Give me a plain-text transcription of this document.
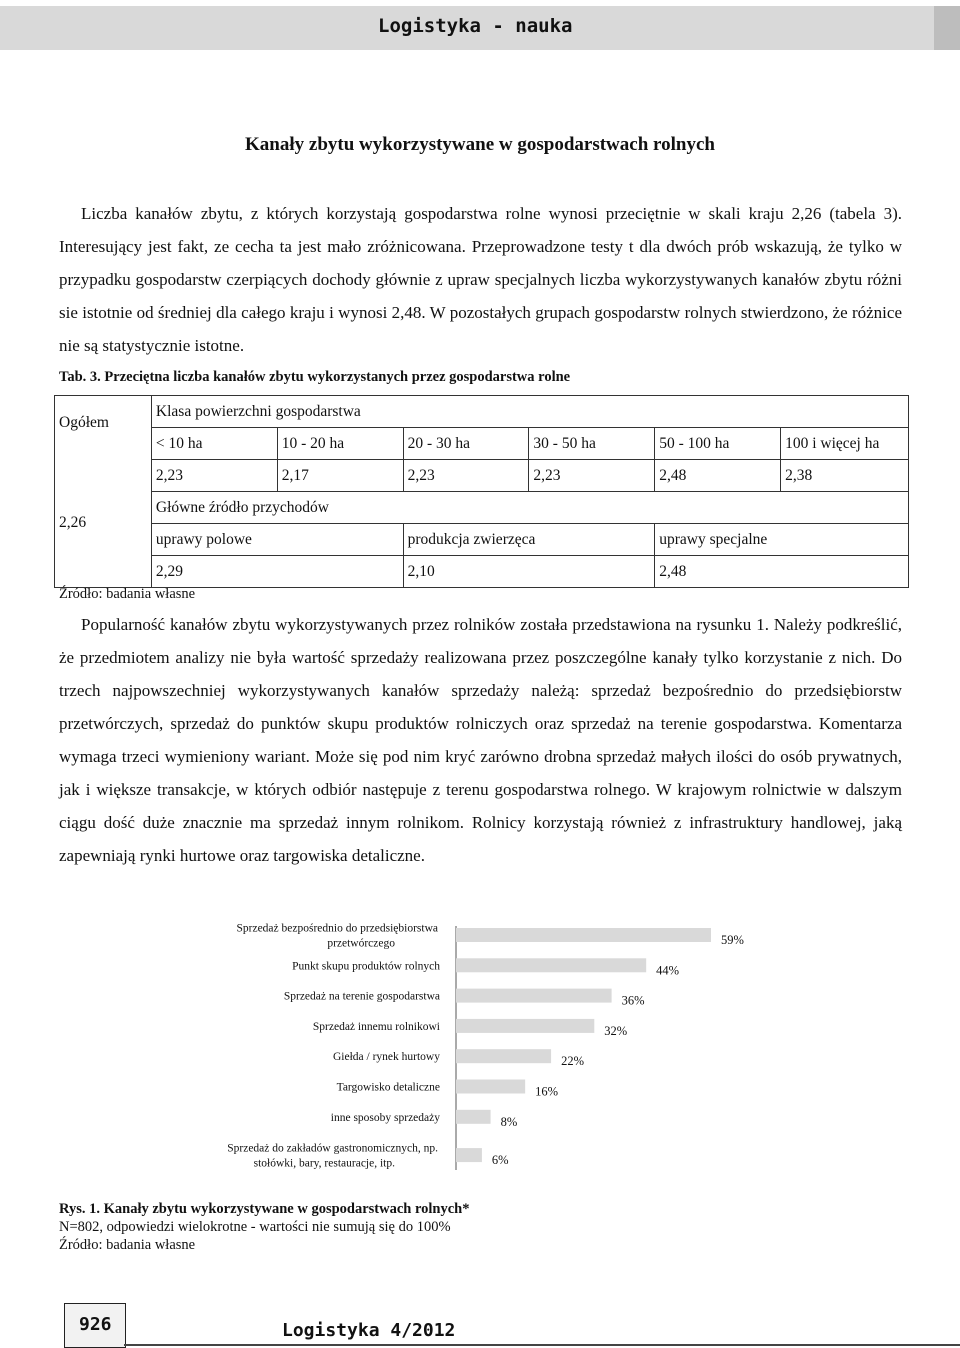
Logistyka - nauka
Kanały zbytu wykorzystywane w gospodarstwach rolnych
Liczba kanałów zbytu, z których korzystają gospodarstwa rolne wynosi przeciętnie w skali kraju 2,26 (tabela 3). Interesujący jest fakt, ze cecha ta jest mało zróżnicowana. Przeprowadzone testy t dla dwóch prób wskazują, że tylko w przypadku gospodarstw czerpiących dochody głównie z upraw specjalnych liczba wykorzystywanych kanałów zbytu różni sie istotnie od średniej dla całego kraju i wynosi 2,48. W pozostałych grupach gospodarstw rolnych stwierdzono, że różnice nie są statystycznie istotne.
Tab. 3. Przeciętna liczba kanałów zbytu wykorzystanych przez gospodarstwa rolne
Ogółem	Klasa powierzchni gospodarstwa					
	< 10 ha	10 - 20 ha	20 - 30 ha	30 - 50 ha	50 - 100 ha	100 i więcej ha
2,26	2,23	2,17	2,23	2,23	2,48	2,38
	Główne źródło przychodów					
	uprawy polowe		produkcja zwierzęca		uprawy specjalne	
	2,29		2,10		2,48	
Źródło: badania własne
Popularność kanałów zbytu wykorzystywanych przez rolników została przedstawiona na rysunku 1. Należy podkreślić, że przedmiotem analizy nie była wartość sprzedaży realizowana przez poszczególne kanały tylko korzystanie z nich. Do trzech najpowszechniej wykorzystywanych kanałów sprzedaży należą: sprzedaż bezpośrednio do przedsiębiorstw przetwórczych, sprzedaż do punktów skupu produktów rolniczych oraz sprzedaż na terenie gospodarstwa. Komentarza wymaga trzeci wymieniony wariant. Może się pod nim kryć zarówno drobna sprzedaż małych ilości do osób prywatnych, jak i większe transakcje, w których odbiór następuje z terenu gospodarstwa rolnego. W krajowym rolnictwie w dalszym ciągu dość duże znacznie ma sprzedaż innym rolnikom. Rolnicy korzystają również z infrastruktury handlowej, jaką zapewniają rynki hurtowe oraz targowiska detaliczne.
59%
Sprzedaż bezpośrednio do przedsiębiorstwa przetwórczego
44%
Punkt skupu produktów rolnych
36%
Sprzedaż na terenie gospodarstwa
32%
Sprzedaż innemu rolnikowi
22%
Giełda / rynek hurtowy
16%
Targowisko detaliczne
8%
inne sposoby sprzedaży
6%
Sprzedaż do zakładów gastronomicznych, np. stołówki, bary, restauracje, itp.
Rys. 1. Kanały zbytu wykorzystywane w gospodarstwach rolnych*
N=802, odpowiedzi wielokrotne - wartości nie sumują się do 100%
Źródło: badania własne
926	Logistyka 4/2012
